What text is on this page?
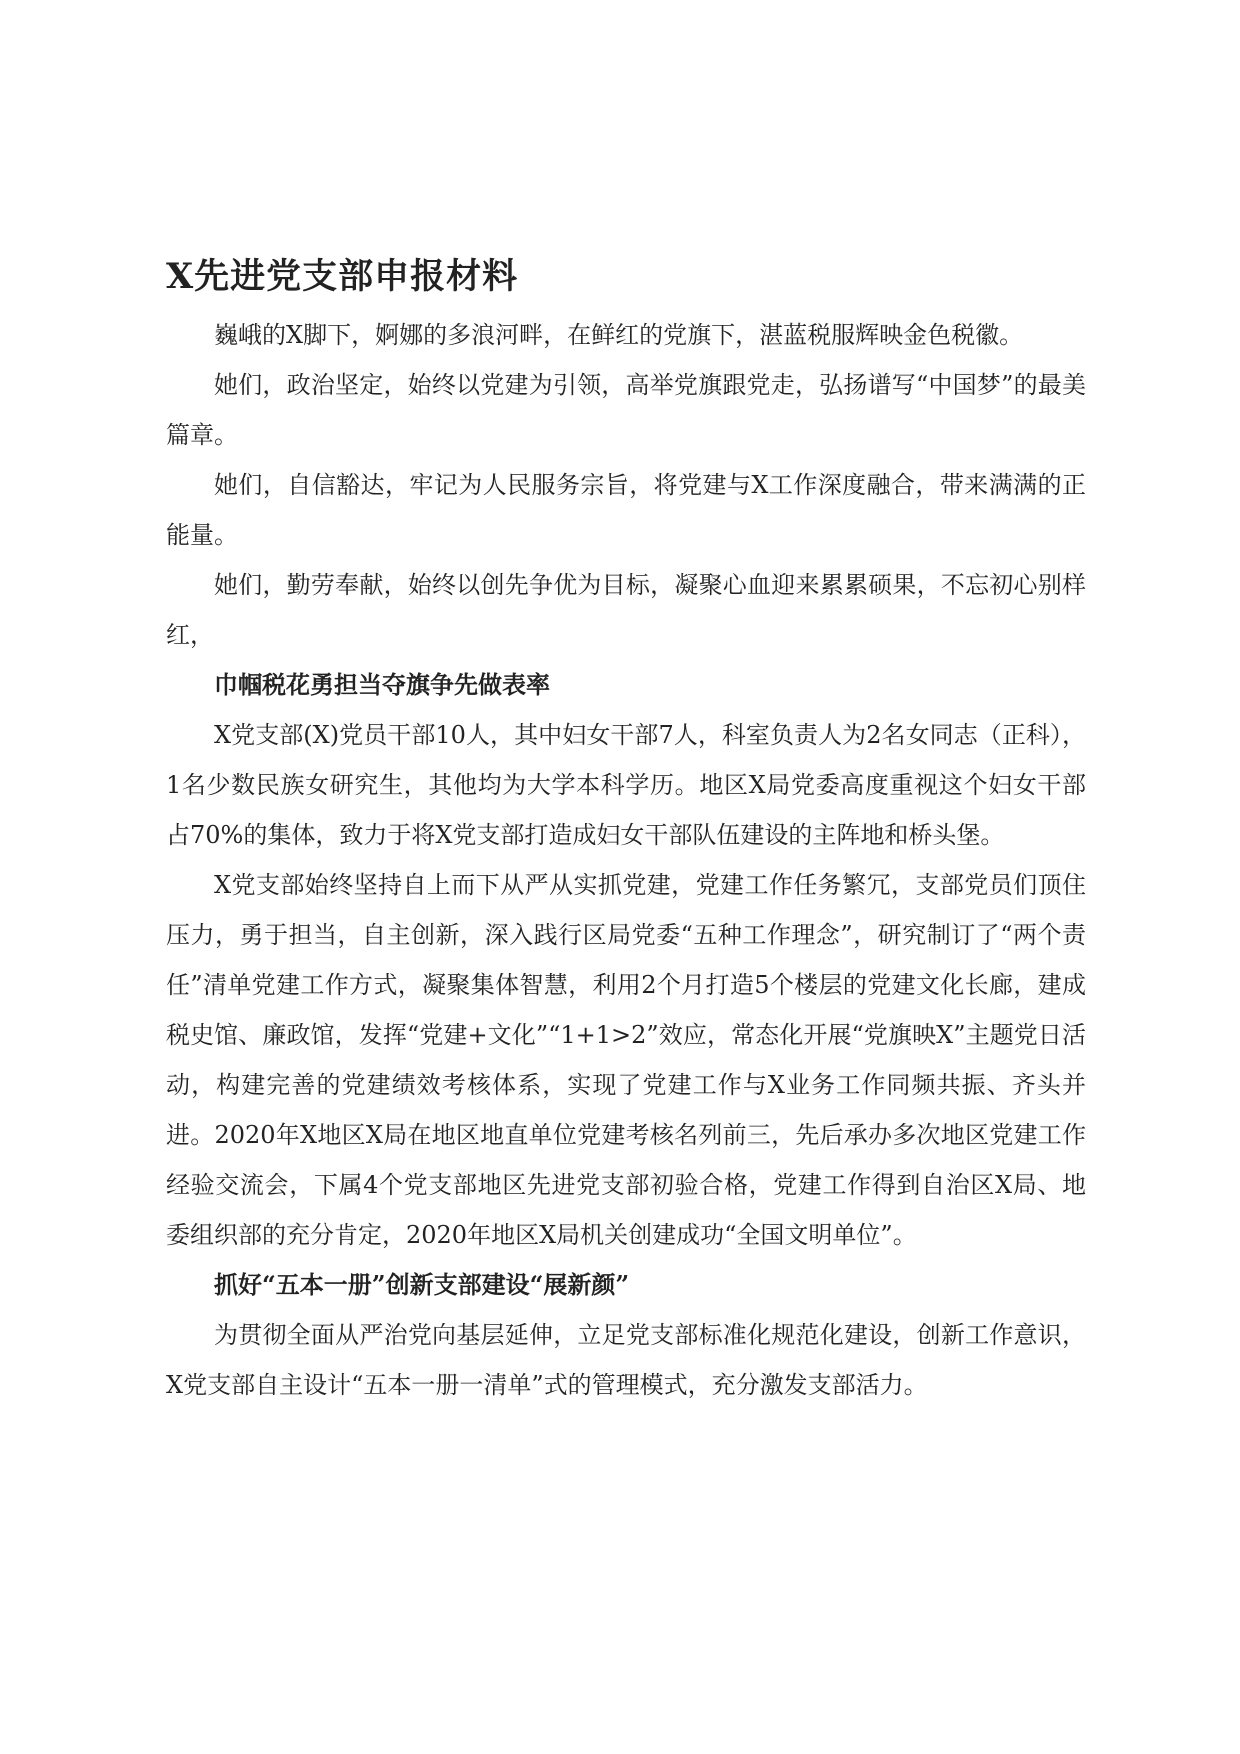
X先进党支部申报材料

巍峨的X脚下，婀娜的多浪河畔，在鲜红的党旗下，湛蓝税服辉映金色税徽。

她们，政治坚定，始终以党建为引领，高举党旗跟党走，弘扬谱写“中国梦”的最美篇章。

她们，自信豁达，牢记为人民服务宗旨，将党建与X工作深度融合，带来满满的正能量。

她们，勤劳奉献，始终以创先争优为目标，凝聚心血迎来累累硕果，不忘初心别样红，

巾帼税花勇担当夺旗争先做表率

X党支部(X)党员干部10人，其中妇女干部7人，科室负责人为2名女同志（正科），1名少数民族女研究生，其他均为大学本科学历。地区X局党委高度重视这个妇女干部占70%的集体，致力于将X党支部打造成妇女干部队伍建设的主阵地和桥头堡。

X党支部始终坚持自上而下从严从实抓党建，党建工作任务繁冗，支部党员们顶住压力，勇于担当，自主创新，深入践行区局党委“五种工作理念”，研究制订了“两个责任”清单党建工作方式，凝聚集体智慧，利用2个月打造5个楼层的党建文化长廊，建成税史馆、廉政馆，发挥“党建+文化”“1+1>2”效应，常态化开展“党旗映X”主题党日活动，构建完善的党建绩效考核体系，实现了党建工作与X业务工作同频共振、齐头并进。2020年X地区X局在地区地直单位党建考核名列前三，先后承办多次地区党建工作经验交流会，下属4个党支部地区先进党支部初验合格，党建工作得到自治区X局、地委组织部的充分肯定，2020年地区X局机关创建成功“全国文明单位”。

抓好“五本一册”创新支部建设“展新颜”

为贯彻全面从严治党向基层延伸，立足党支部标准化规范化建设，创新工作意识，X党支部自主设计“五本一册一清单”式的管理模式，充分激发支部活力。
